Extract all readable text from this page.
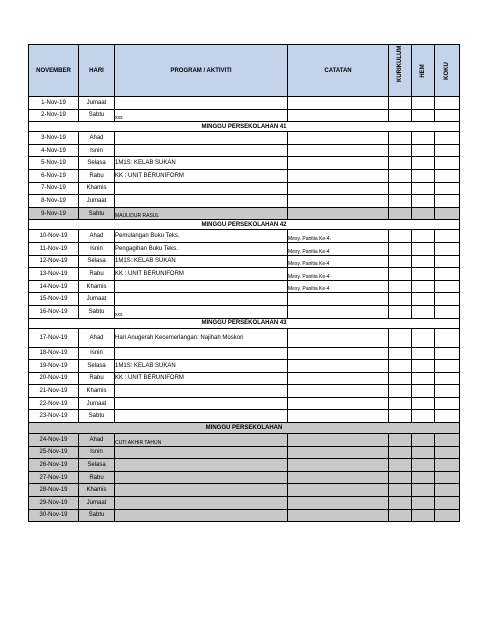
NOVEMBER	HARI	PROGRAM / AKTIVITI	CATATAN	KURIKULUM	HEM	KOKU

1-Nov-19	Jumaat					
2-Nov-19	Sabtu	xxx				
MINGGU PERSEKOLAHAN 41						
3-Nov-19	Ahad					
4-Nov-19	Isnin					
5-Nov-19	Selasa	1M1S: KELAB SUKAN				
6-Nov-19	Rabu	KK : UNIT BERUNIFORM				
7-Nov-19	Khamis					
8-Nov-19	Jumaat					
9-Nov-19	Sabtu	MAULIDUR RASUL				
MINGGU PERSEKOLAHAN 42						
10-Nov-19	Ahad	Pemulangan Buku Teks.	Mesy. Panitia Ke-4.			
11-Nov-19	Isnin	Pengagihan Buku Teks.	Mesy. Panitia Ke-4			
12-Nov-19	Selasa	1M1S: KELAB SUKAN	Mesy. Panitia Ke-4			
13-Nov-19	Rabu	KK : UNIT BERUNIFORM	Mesy. Panitia Ke-4			
14-Nov-19	Khamis		Mesy. Panitia Ke-4			
15-Nov-19	Jumaat					
16-Nov-19	Sabtu	xxx				
MINGGU PERSEKOLAHAN 43						
17-Nov-19	Ahad	Hari Anugerah Kecemerlangan: Najihah Moskori				
18-Nov-19	Isnin					
19-Nov-19	Selasa	1M1S: KELAB SUKAN				
20-Nov-19	Rabu	KK : UNIT BERUNIFORM				
21-Nov-19	Khamis					
22-Nov-19	Jumaat					
23-Nov-19	Sabtu					
MINGGU PERSEKOLAHAN						
24-Nov-19	Ahad	CUTI AKHIR TAHUN				
25-Nov-19	Isnin					
26-Nov-19	Selasa					
27-Nov-19	Rabu					
28-Nov-19	Khamis					
29-Nov-19	Jumaat					
30-Nov-19	Sabtu					
